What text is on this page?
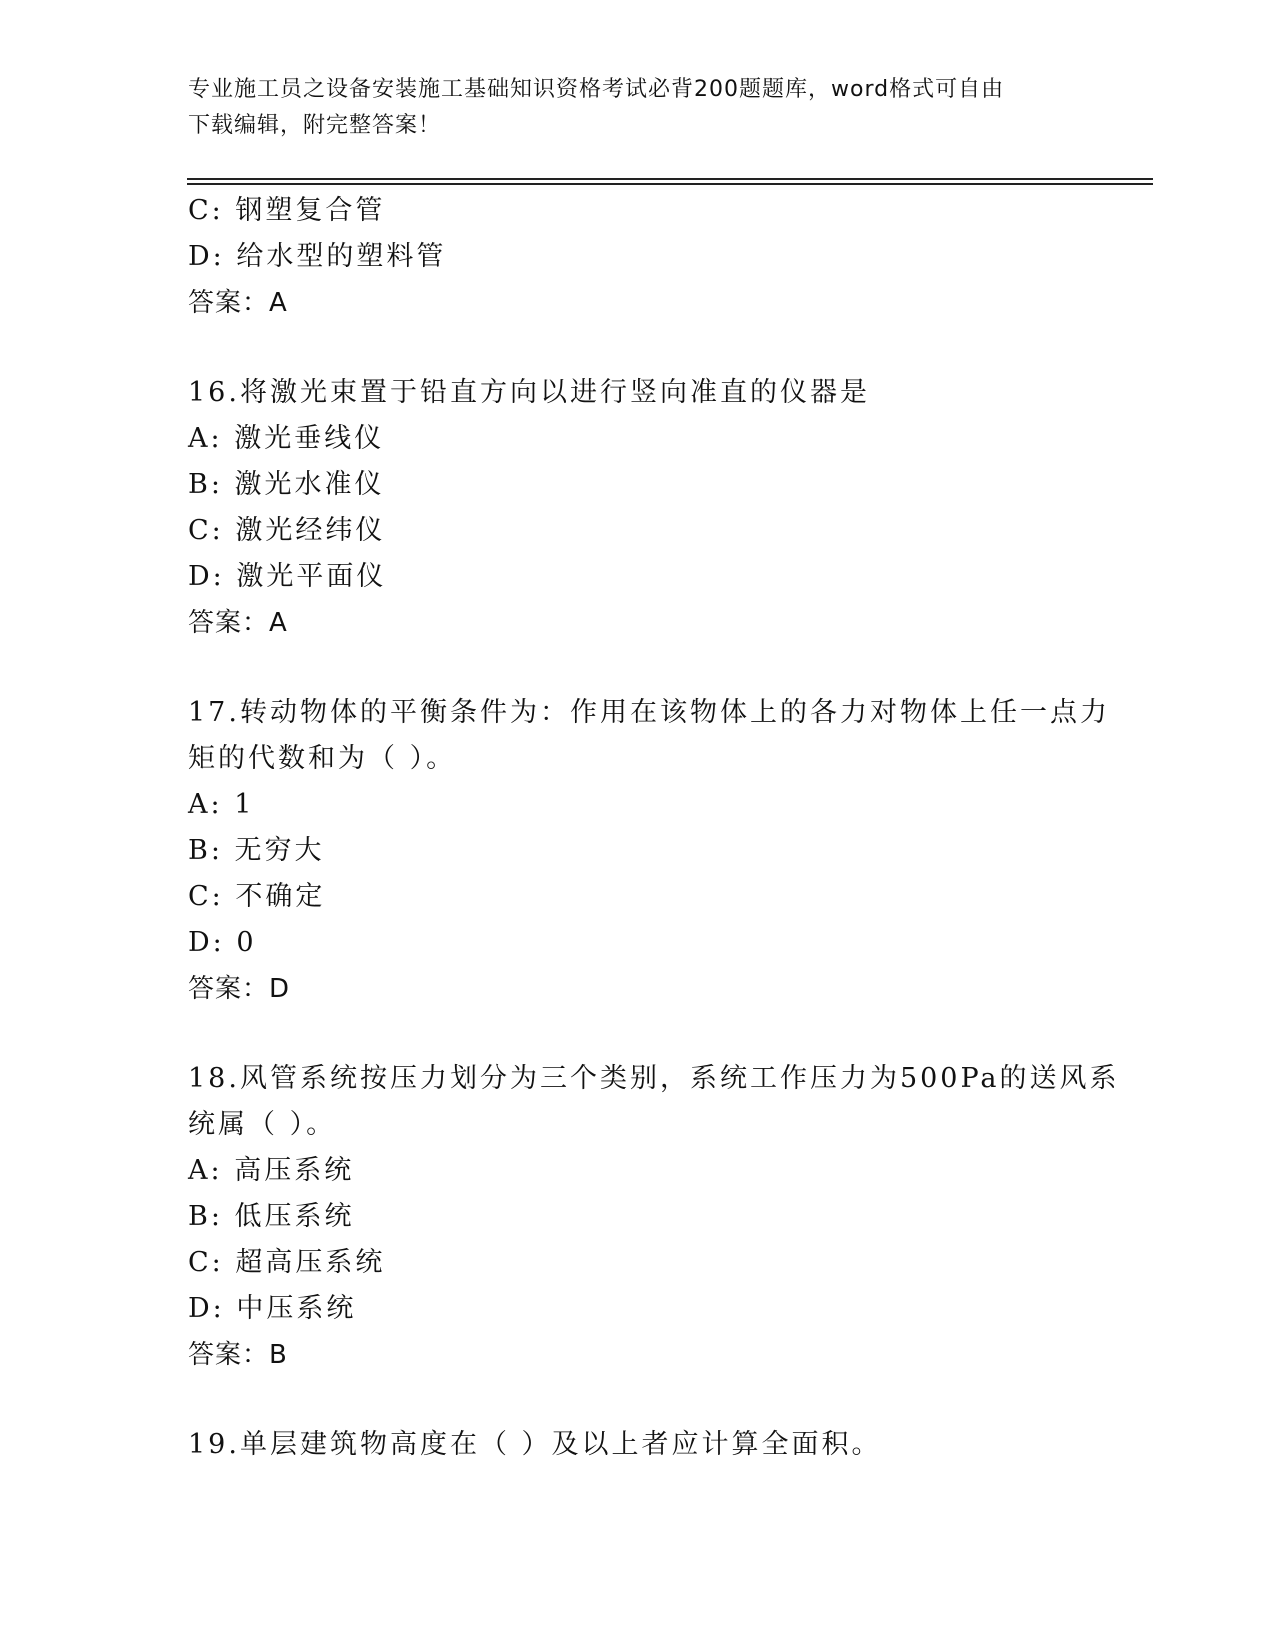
专业施工员之设备安装施工基础知识资格考试必背200题题库，word格式可自由
下载编辑，附完整答案！
C: 钢塑复合管
D: 给水型的塑料管
答案：A
16.将激光束置于铅直方向以进行竖向准直的仪器是
A: 激光垂线仪
B: 激光水准仪
C: 激光经纬仪
D: 激光平面仪
答案：A
17.转动物体的平衡条件为：作用在该物体上的各力对物体上任一点力
矩的代数和为（ ）。
A: 1
B: 无穷大
C: 不确定
D: 0
答案：D
18.风管系统按压力划分为三个类别，系统工作压力为500Pa的送风系
统属（ ）。
A: 高压系统
B: 低压系统
C: 超高压系统
D: 中压系统
答案：B
19.单层建筑物高度在（ ）及以上者应计算全面积。
